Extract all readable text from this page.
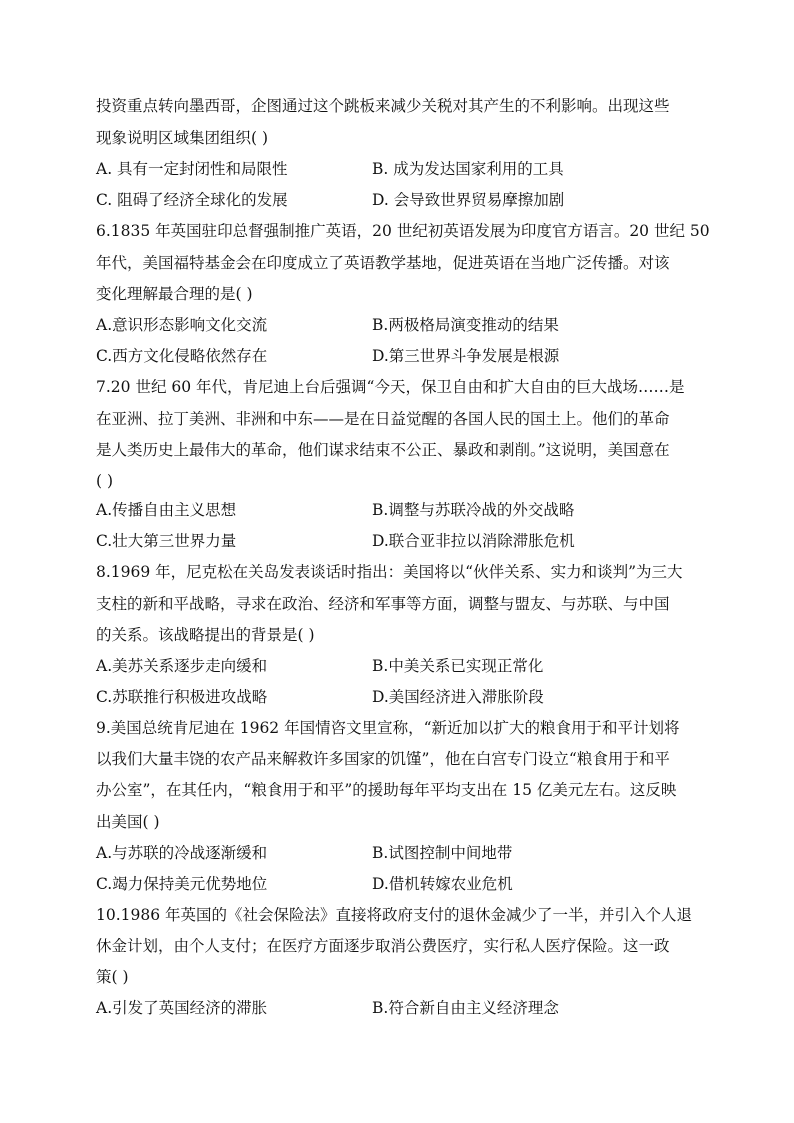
投资重点转向墨西哥，企图通过这个跳板来减少关税对其产生的不利影响。出现这些
现象说明区域集团组织( )
A. 具有一定封闭性和局限性	B. 成为发达国家利用的工具
C. 阻碍了经济全球化的发展	D. 会导致世界贸易摩擦加剧
6.1835 年英国驻印总督强制推广英语，20 世纪初英语发展为印度官方语言。20 世纪 50
年代，美国福特基金会在印度成立了英语教学基地，促进英语在当地广泛传播。对该
变化理解最合理的是( )
A.意识形态影响文化交流	B.两极格局演变推动的结果
C.西方文化侵略依然存在	D.第三世界斗争发展是根源
7.20 世纪 60 年代，肯尼迪上台后强调“今天，保卫自由和扩大自由的巨大战场……是
在亚洲、拉丁美洲、非洲和中东——是在日益觉醒的各国人民的国土上。他们的革命
是人类历史上最伟大的革命，他们谋求结束不公正、暴政和剥削。”这说明，美国意在
( )
A.传播自由主义思想	B.调整与苏联冷战的外交战略
C.壮大第三世界力量	D.联合亚非拉以消除滞胀危机
8.1969 年，尼克松在关岛发表谈话时指出：美国将以“伙伴关系、实力和谈判”为三大
支柱的新和平战略，寻求在政治、经济和军事等方面，调整与盟友、与苏联、与中国
的关系。该战略提出的背景是( )
A.美苏关系逐步走向缓和	B.中美关系已实现正常化
C.苏联推行积极进攻战略	D.美国经济进入滞胀阶段
9.美国总统肯尼迪在 1962 年国情咨文里宣称，“新近加以扩大的粮食用于和平计划将
以我们大量丰饶的农产品来解救许多国家的饥馑”，他在白宫专门设立“粮食用于和平
办公室”，在其任内，“粮食用于和平”的援助每年平均支出在 15 亿美元左右。这反映
出美国( )
A.与苏联的冷战逐渐缓和	B.试图控制中间地带
C.竭力保持美元优势地位	D.借机转嫁农业危机
10.1986 年英国的《社会保险法》直接将政府支付的退休金减少了一半，并引入个人退
休金计划，由个人支付；在医疗方面逐步取消公费医疗，实行私人医疗保险。这一政
策( )
A.引发了英国经济的滞胀	B.符合新自由主义经济理念
